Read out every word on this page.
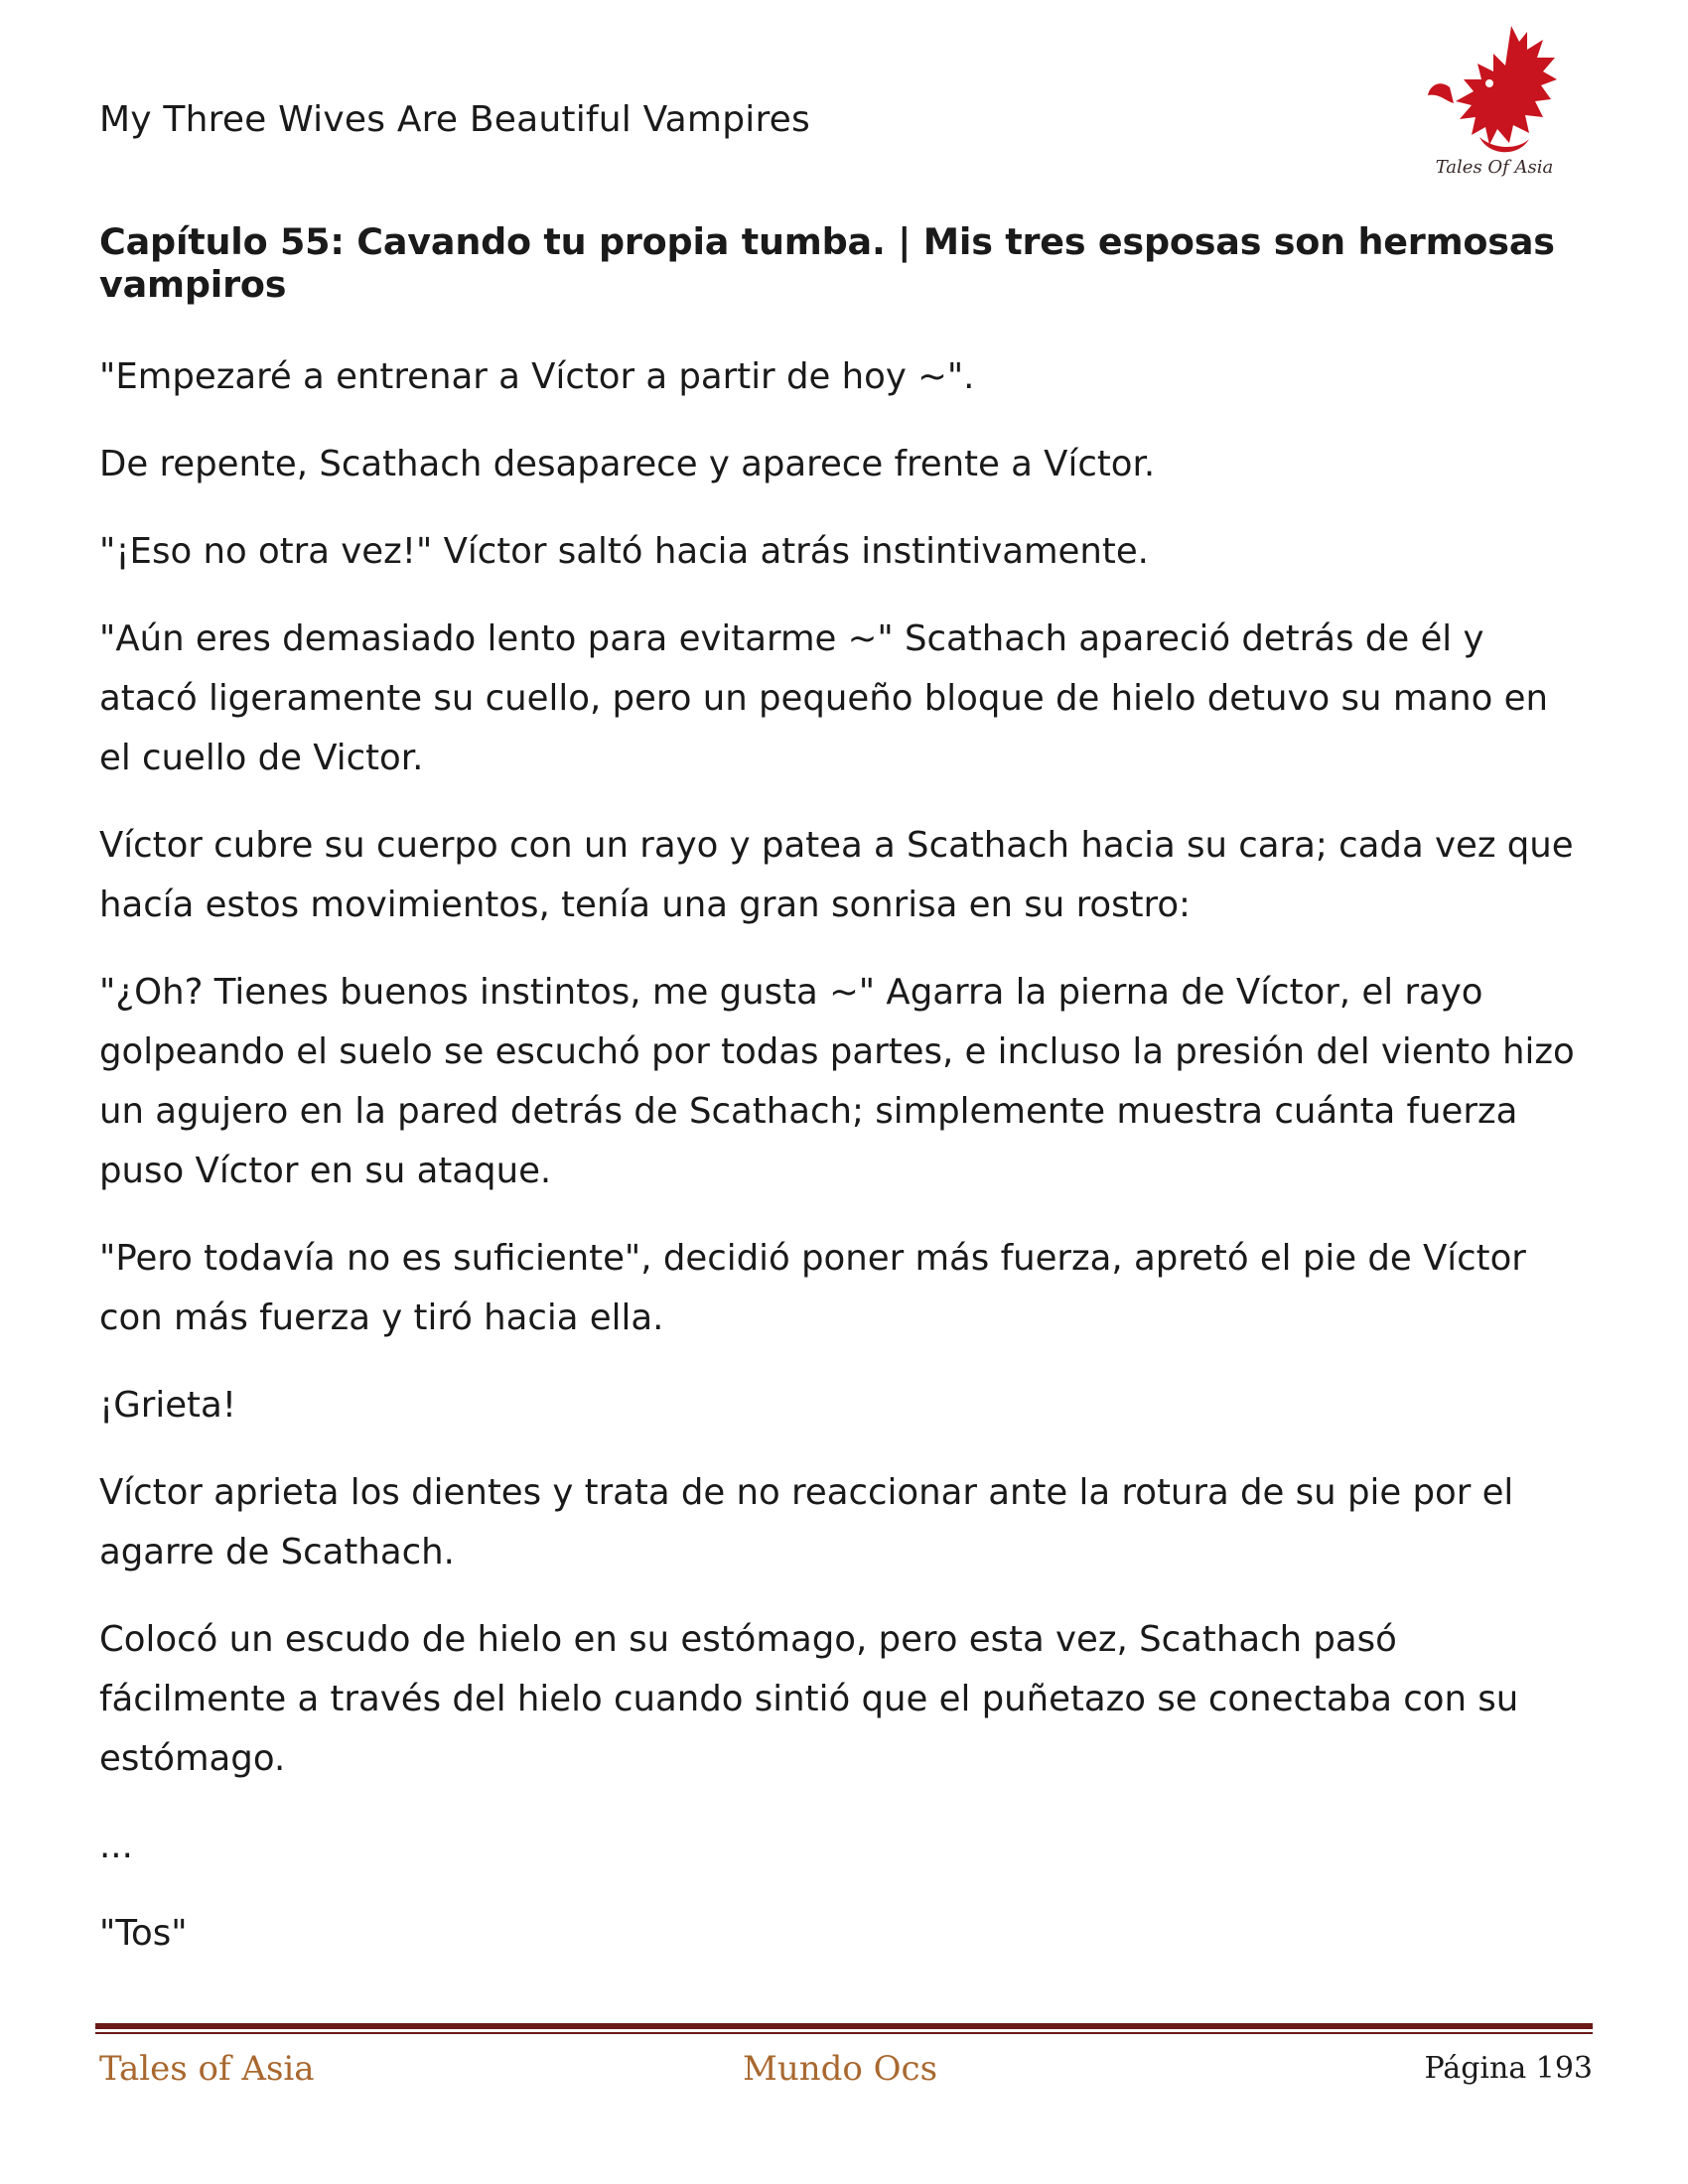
My Three Wives Are Beautiful Vampires
Tales Of Asia
Capítulo 55: Cavando tu propia tumba. | Mis tres esposas son hermosas vampiros

"Empezaré a entrenar a Víctor a partir de hoy ~".

De repente, Scathach desaparece y aparece frente a Víctor.

"¡Eso no otra vez!" Víctor saltó hacia atrás instintivamente.

"Aún eres demasiado lento para evitarme ~" Scathach apareció detrás de él y atacó ligeramente su cuello, pero un pequeño bloque de hielo detuvo su mano en el cuello de Victor.

Víctor cubre su cuerpo con un rayo y patea a Scathach hacia su cara; cada vez que hacía estos movimientos, tenía una gran sonrisa en su rostro:

"¿Oh? Tienes buenos instintos, me gusta ~" Agarra la pierna de Víctor, el rayo golpeando el suelo se escuchó por todas partes, e incluso la presión del viento hizo un agujero en la pared detrás de Scathach; simplemente muestra cuánta fuerza puso Víctor en su ataque.

"Pero todavía no es suficiente", decidió poner más fuerza, apretó el pie de Víctor con más fuerza y tiró hacia ella.

¡Grieta!

Víctor aprieta los dientes y trata de no reaccionar ante la rotura de su pie por el agarre de Scathach.

Colocó un escudo de hielo en su estómago, pero esta vez, Scathach pasó fácilmente a través del hielo cuando sintió que el puñetazo se conectaba con su estómago.

...

"Tos"

Tales of Asia	Mundo Ocs	Página 193
